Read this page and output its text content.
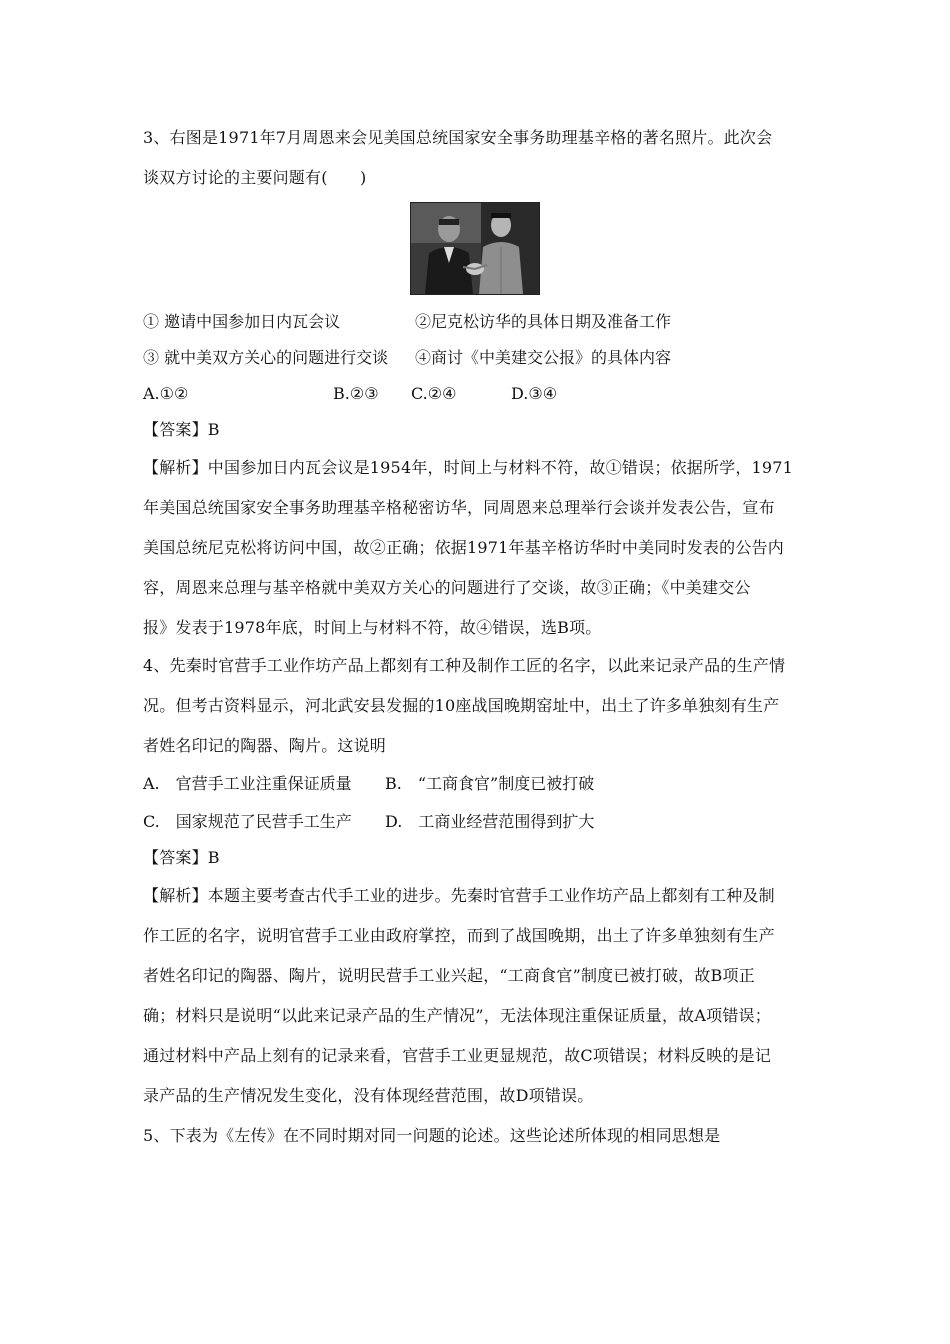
3、右图是1971年7月周恩来会见美国总统国家安全事务助理基辛格的著名照片。此次会
谈双方讨论的主要问题有(　　)
① 邀请中国参加日内瓦会议	②尼克松访华的具体日期及准备工作
③ 就中美双方关心的问题进行交谈 ④商讨《中美建交公报》的具体内容
A.①②	B.②③ C.②④	D.③④
【答案】B
【解析】中国参加日内瓦会议是1954年，时间上与材料不符，故①错误；依据所学，1971
年美国总统国家安全事务助理基辛格秘密访华，同周恩来总理举行会谈并发表公告，宣布
美国总统尼克松将访问中国，故②正确；依据1971年基辛格访华时中美同时发表的公告内
容，周恩来总理与基辛格就中美双方关心的问题进行了交谈，故③正确；《中美建交公
报》发表于1978年底，时间上与材料不符，故④错误，选B项。
4、先秦时官营手工业作坊产品上都刻有工种及制作工匠的名字，以此来记录产品的生产情
况。但考古资料显示，河北武安县发掘的10座战国晚期窑址中，出土了许多单独刻有生产
者姓名印记的陶器、陶片。这说明
A.　官营手工业注重保证质量 B.　“工商食官”制度已被打破
C.　国家规范了民营手工生产 D.　工商业经营范围得到扩大
【答案】B
【解析】本题主要考查古代手工业的进步。先秦时官营手工业作坊产品上都刻有工种及制
作工匠的名字，说明官营手工业由政府掌控，而到了战国晚期，出土了许多单独刻有生产
者姓名印记的陶器、陶片，说明民营手工业兴起，“工商食官”制度已被打破，故B项正
确；材料只是说明“以此来记录产品的生产情况”，无法体现注重保证质量，故A项错误；
通过材料中产品上刻有的记录来看，官营手工业更显规范，故C项错误；材料反映的是记
录产品的生产情况发生变化，没有体现经营范围，故D项错误。
5、下表为《左传》在不同时期对同一问题的论述。这些论述所体现的相同思想是
